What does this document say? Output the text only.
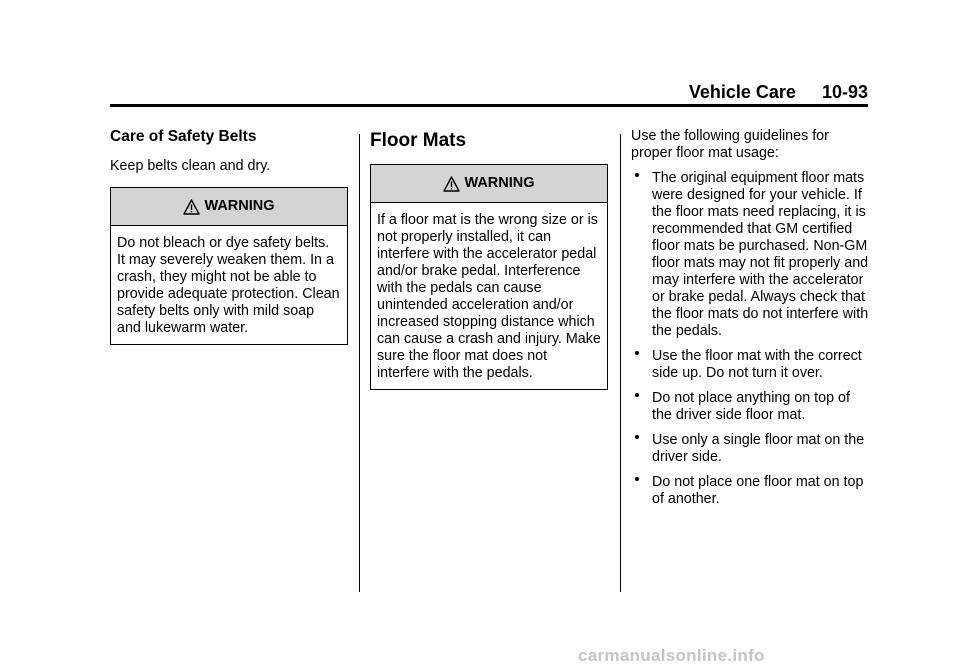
Vehicle Care 10-93
Care of Safety Belts

Keep belts clean and dry.

WARNING
Do not bleach or dye safety belts. It may severely weaken them. In a crash, they might not be able to provide adequate protection. Clean safety belts only with mild soap and lukewarm water.
Floor Mats
WARNING
If a floor mat is the wrong size or is not properly installed, it can interfere with the accelerator pedal and/or brake pedal. Interference with the pedals can cause unintended acceleration and/or increased stopping distance which can cause a crash and injury. Make sure the floor mat does not interfere with the pedals.

Use the following guidelines for proper floor mat usage:

The original equipment floor mats were designed for your vehicle. If the floor mats need replacing, it is recommended that GM certified floor mats be purchased. Non-GM floor mats may not fit properly and may interfere with the accelerator or brake pedal. Always check that the floor mats do not interfere with the pedals.
Use the floor mat with the correct side up. Do not turn it over.
Do not place anything on top of the driver side floor mat.
Use only a single floor mat on the driver side.
Do not place one floor mat on top of another.
carmanualsonline.info
